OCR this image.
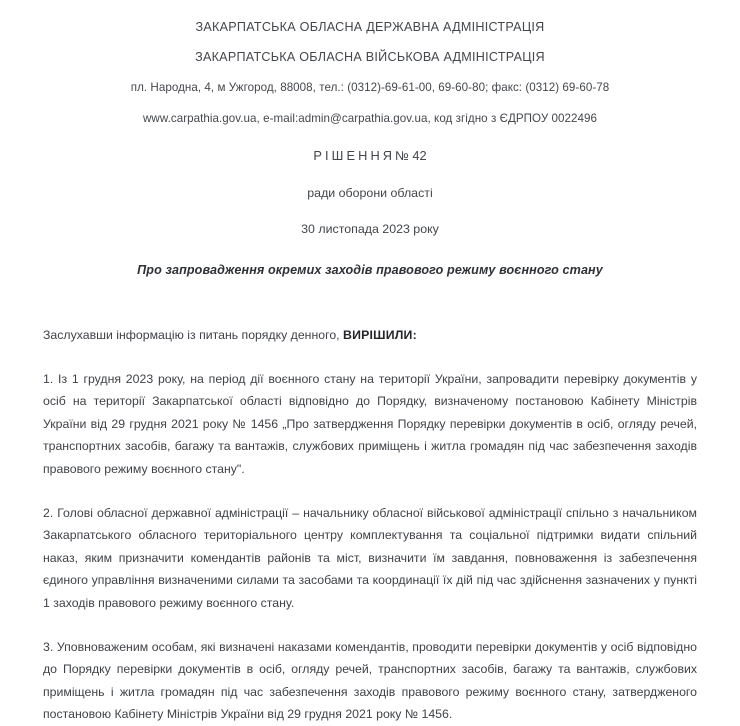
ЗАКАРПАТСЬКА ОБЛАСНА ДЕРЖАВНА АДМІНІСТРАЦІЯ
ЗАКАРПАТСЬКА ОБЛАСНА ВІЙСЬКОВА АДМІНІСТРАЦІЯ
пл. Народна, 4, м Ужгород, 88008, тел.: (0312)-69-61-00, 69-60-80; факс: (0312) 69-60-78
www.carpathia.gov.ua, e-mail:admin@carpathia.gov.ua, код згідно з ЄДРПОУ 0022496
РІШЕННЯ№ 42
ради оборони області
30 листопада 2023 року
Про запровадження окремих заходів правового режиму воєнного стану

Заслухавши інформацію із питань порядку денного, ВИРІШИЛИ:

1. Із 1 грудня 2023 року, на період дії воєнного стану на території України, запровадити перевірку документів у осіб на території Закарпатської області відповідно до Порядку, визначеному постановою Кабінету Міністрів України від 29 грудня 2021 року № 1456 „Про затвердження Порядку перевірки документів в осіб, огляду речей, транспортних засобів, багажу та вантажів, службових приміщень і житла громадян під час забезпечення заходів правового режиму воєнного стану".

2. Голові обласної державної адміністрації – начальнику обласної військової адміністрації спільно з начальником Закарпатського обласного територіального центру комплектування та соціальної підтримки видати спільний наказ, яким призначити комендантів районів та міст, визначити їм завдання, повноваження із забезпечення єдиного управління визначеними силами та засобами та координації їх дій під час здійснення зазначених у пункті 1 заходів правового режиму воєнного стану.

3. Уповноваженим особам, які визначені наказами комендантів, проводити перевірки документів у осіб відповідно до Порядку перевірки документів в осіб, огляду речей, транспортних засобів, багажу та вантажів, службових приміщень і житла громадян під час забезпечення заходів правового режиму воєнного стану, затвердженого постановою Кабінету Міністрів України від 29 грудня 2021 року № 1456.
